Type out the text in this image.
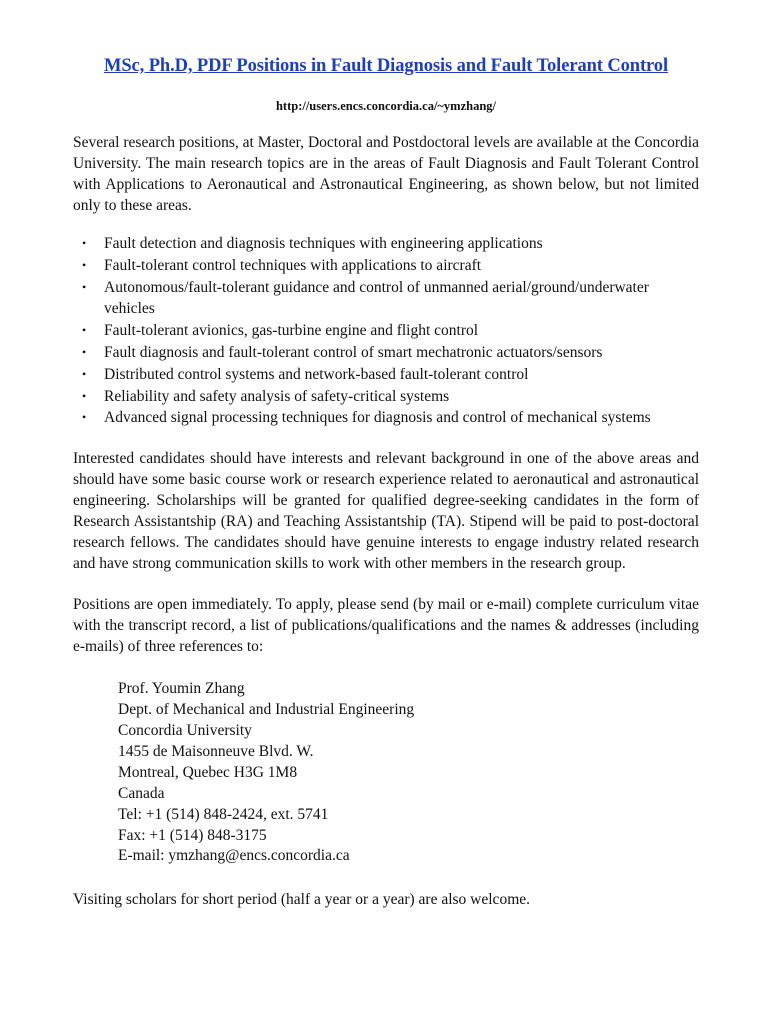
MSc, Ph.D, PDF Positions in Fault Diagnosis and Fault Tolerant Control
http://users.encs.concordia.ca/~ymzhang/

Several research positions, at Master, Doctoral and Postdoctoral levels are available at the Concordia University. The main research topics are in the areas of Fault Diagnosis and Fault Tolerant Control with Applications to Aeronautical and Astronautical Engineering, as shown below, but not limited only to these areas.

• Fault detection and diagnosis techniques with engineering applications
• Fault-tolerant control techniques with applications to aircraft
• Autonomous/fault-tolerant guidance and control of unmanned aerial/ground/underwater vehicles
• Fault-tolerant avionics, gas-turbine engine and flight control
• Fault diagnosis and fault-tolerant control of smart mechatronic actuators/sensors
• Distributed control systems and network-based fault-tolerant control
• Reliability and safety analysis of safety-critical systems
• Advanced signal processing techniques for diagnosis and control of mechanical systems

Interested candidates should have interests and relevant background in one of the above areas and should have some basic course work or research experience related to aeronautical and astronautical engineering. Scholarships will be granted for qualified degree-seeking candidates in the form of Research Assistantship (RA) and Teaching Assistantship (TA). Stipend will be paid to post-doctoral research fellows. The candidates should have genuine interests to engage industry related research and have strong communication skills to work with other members in the research group.

Positions are open immediately. To apply, please send (by mail or e-mail) complete curriculum vitae with the transcript record, a list of publications/qualifications and the names & addresses (including e-mails) of three references to:

Prof. Youmin Zhang
Dept. of Mechanical and Industrial Engineering
Concordia University
1455 de Maisonneuve Blvd. W.
Montreal, Quebec H3G 1M8
Canada
Tel: +1 (514) 848-2424, ext. 5741
Fax: +1 (514) 848-3175
E-mail: ymzhang@encs.concordia.ca

Visiting scholars for short period (half a year or a year) are also welcome.
